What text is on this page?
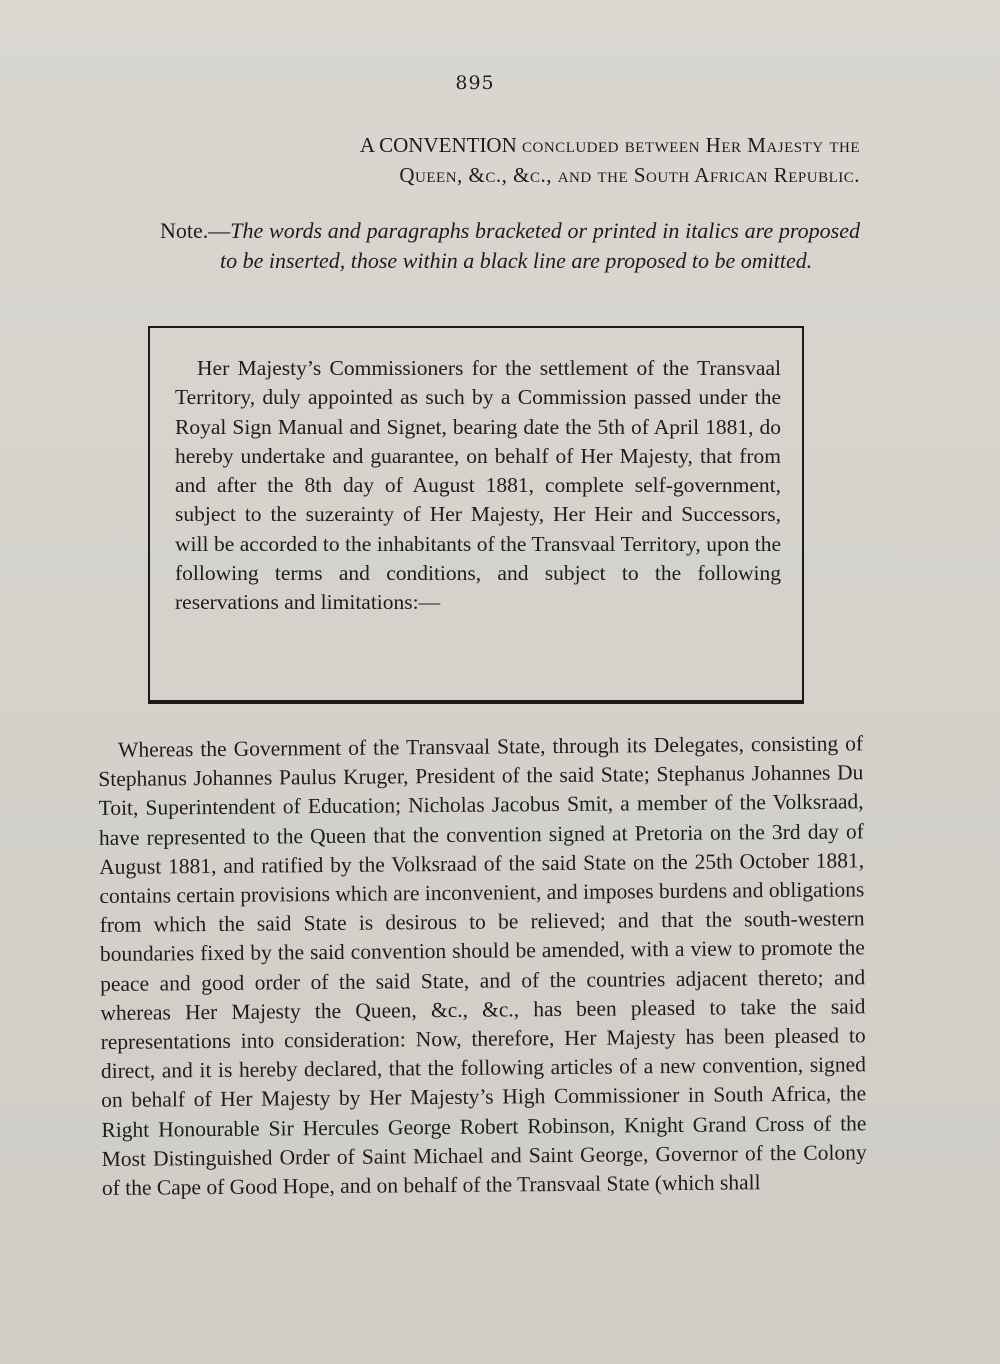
895
A CONVENTION concluded between Her Majesty the
Queen, &c., &c., and the South African Republic.
Note.—The words and paragraphs bracketed or printed in italics are proposed to be inserted, those within a black line are proposed to be omitted.
Her Majesty’s Commissioners for the settlement of the Transvaal Territory, duly appointed as such by a Commission passed under the Royal Sign Manual and Signet, bearing date the 5th of April 1881, do hereby undertake and guarantee, on behalf of Her Majesty, that from and after the 8th day of August 1881, complete self-government, subject to the suzerainty of Her Majesty, Her Heir and Successors, will be accorded to the inhabitants of the Transvaal Territory, upon the following terms and conditions, and subject to the following reservations and limitations:—
Whereas the Government of the Transvaal State, through its Delegates, consisting of Stephanus Johannes Paulus Kruger, President of the said State; Stephanus Johannes Du Toit, Superintendent of Education; Nicholas Jacobus Smit, a member of the Volksraad, have represented to the Queen that the convention signed at Pretoria on the 3rd day of August 1881, and ratified by the Volksraad of the said State on the 25th October 1881, contains certain provisions which are inconvenient, and imposes burdens and obligations from which the said State is desirous to be relieved; and that the south-western boundaries fixed by the said convention should be amended, with a view to promote the peace and good order of the said State, and of the countries adjacent thereto; and whereas Her Majesty the Queen, &c., &c., has been pleased to take the said representations into consideration: Now, therefore, Her Majesty has been pleased to direct, and it is hereby declared, that the following articles of a new convention, signed on behalf of Her Majesty by Her Majesty’s High Commissioner in South Africa, the Right Honourable Sir Hercules George Robert Robinson, Knight Grand Cross of the Most Distinguished Order of Saint Michael and Saint George, Governor of the Colony of the Cape of Good Hope, and on behalf of the Transvaal State (which shall
